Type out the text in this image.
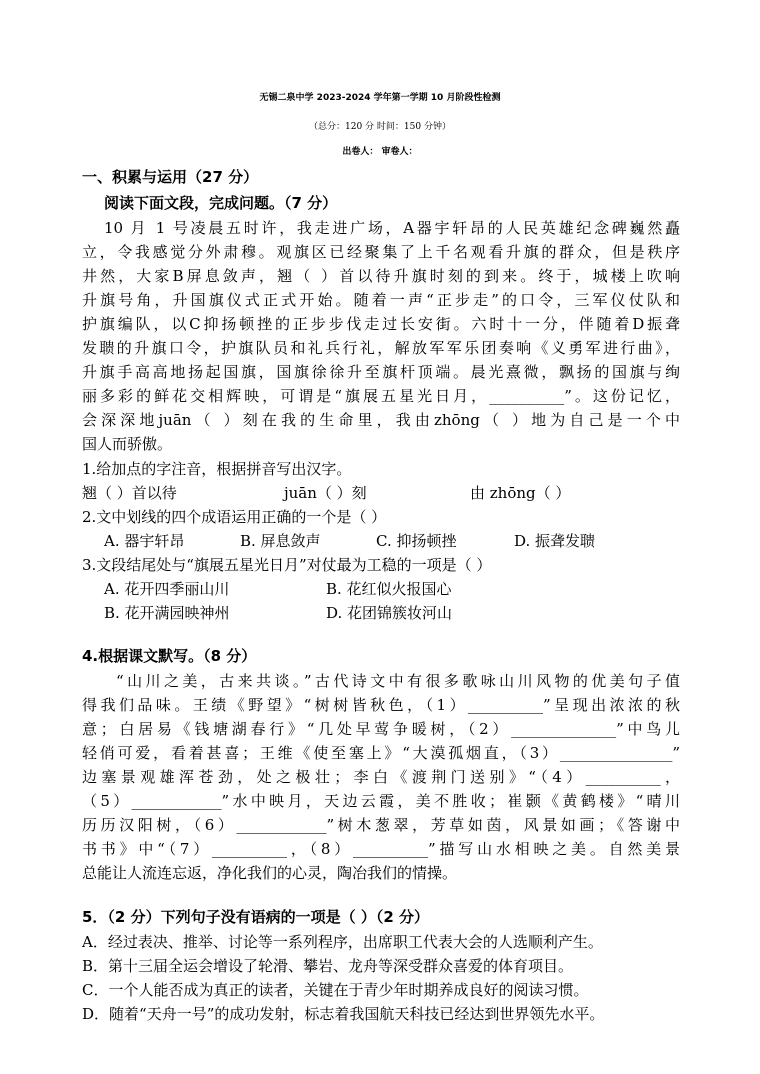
无锡二泉中学 2023-2024 学年第一学期 10 月阶段性检测
（总分：120 分 时间：150 分钟）
出卷人： 审卷人：
一、积累与运用（27 分）
阅读下面文段，完成问题。（7 分）
10 月 1 号凌晨五时许，我走进广场，A器宇轩昂的人民英雄纪念碑巍然矗
立，令我感觉分外肃穆。观旗区已经聚集了上千名观看升旗的群众，但是秩序
井然，大家B屏息敛声，翘（ ）首以待升旗时刻的到来。终于，城楼上吹响
升旗号角，升国旗仪式正式开始。随着一声“正步走”的口令，三军仪仗队和
护旗编队，以C抑扬顿挫的正步步伐走过长安街。六时十一分，伴随着D振聋
发聩的升旗口令，护旗队员和礼兵行礼，解放军军乐团奏响《义勇军进行曲》，
升旗手高高地扬起国旗，国旗徐徐升至旗杆顶端。晨光熹微，飘扬的国旗与绚
丽多彩的鲜花交相辉映，可谓是“旗展五星光日月，__________”。这份记忆，
会深深地juān（ ）刻在我的生命里，我由zhōng（ ）地为自己是一个中
国人而骄傲。
1.给加点的字注音，根据拼音写出汉字。
翘（ ）首以待	juān（ ）刻	由 zhōng（ ）
2.文中划线的四个成语运用正确的一个是（ ）
A. 器宇轩昂	B. 屏息敛声	C. 抑扬顿挫	D. 振聋发聩
3.文段结尾处与“旗展五星光日月”对仗最为工稳的一项是（ ）
A. 花开四季丽山川	B. 花红似火报国心
B. 花开满园映神州	D. 花团锦簇妆河山
4.根据课文默写。（8 分）
“山川之美，古来共谈。”古代诗文中有很多歌咏山川风物的优美句子值
得我们品味。王绩《野望》“树树皆秋色，（1）__________”呈现出浓浓的秋
意；白居易《钱塘湖春行》“几处早莺争暖树，（2）______________”中鸟儿
轻俏可爱，看着甚喜；王维《使至塞上》“大漠孤烟直，（3）_______________”
边塞景观雄浑苍劲，处之极壮；李白《渡荆门送别》“（4）__________，
（5）____________”水中映月，天边云霞，美不胜收；崔颢《黄鹤楼》“晴川
历历汉阳树，（6）____________”树木葱翠，芳草如茵，风景如画；《答谢中
书书》中“（7）__________，（8）__________”描写山水相映之美。自然美景
总能让人流连忘返，净化我们的心灵，陶冶我们的情操。
5．（2 分）下列句子没有语病的一项是（ ）（2 分）
A．经过表决、推举、讨论等一系列程序，出席职工代表大会的人选顺利产生。
B．第十三届全运会增设了轮滑、攀岩、龙舟等深受群众喜爱的体育项目。
C．一个人能否成为真正的读者，关键在于青少年时期养成良好的阅读习惯。
D．随着“天舟一号”的成功发射，标志着我国航天科技已经达到世界领先水平。
